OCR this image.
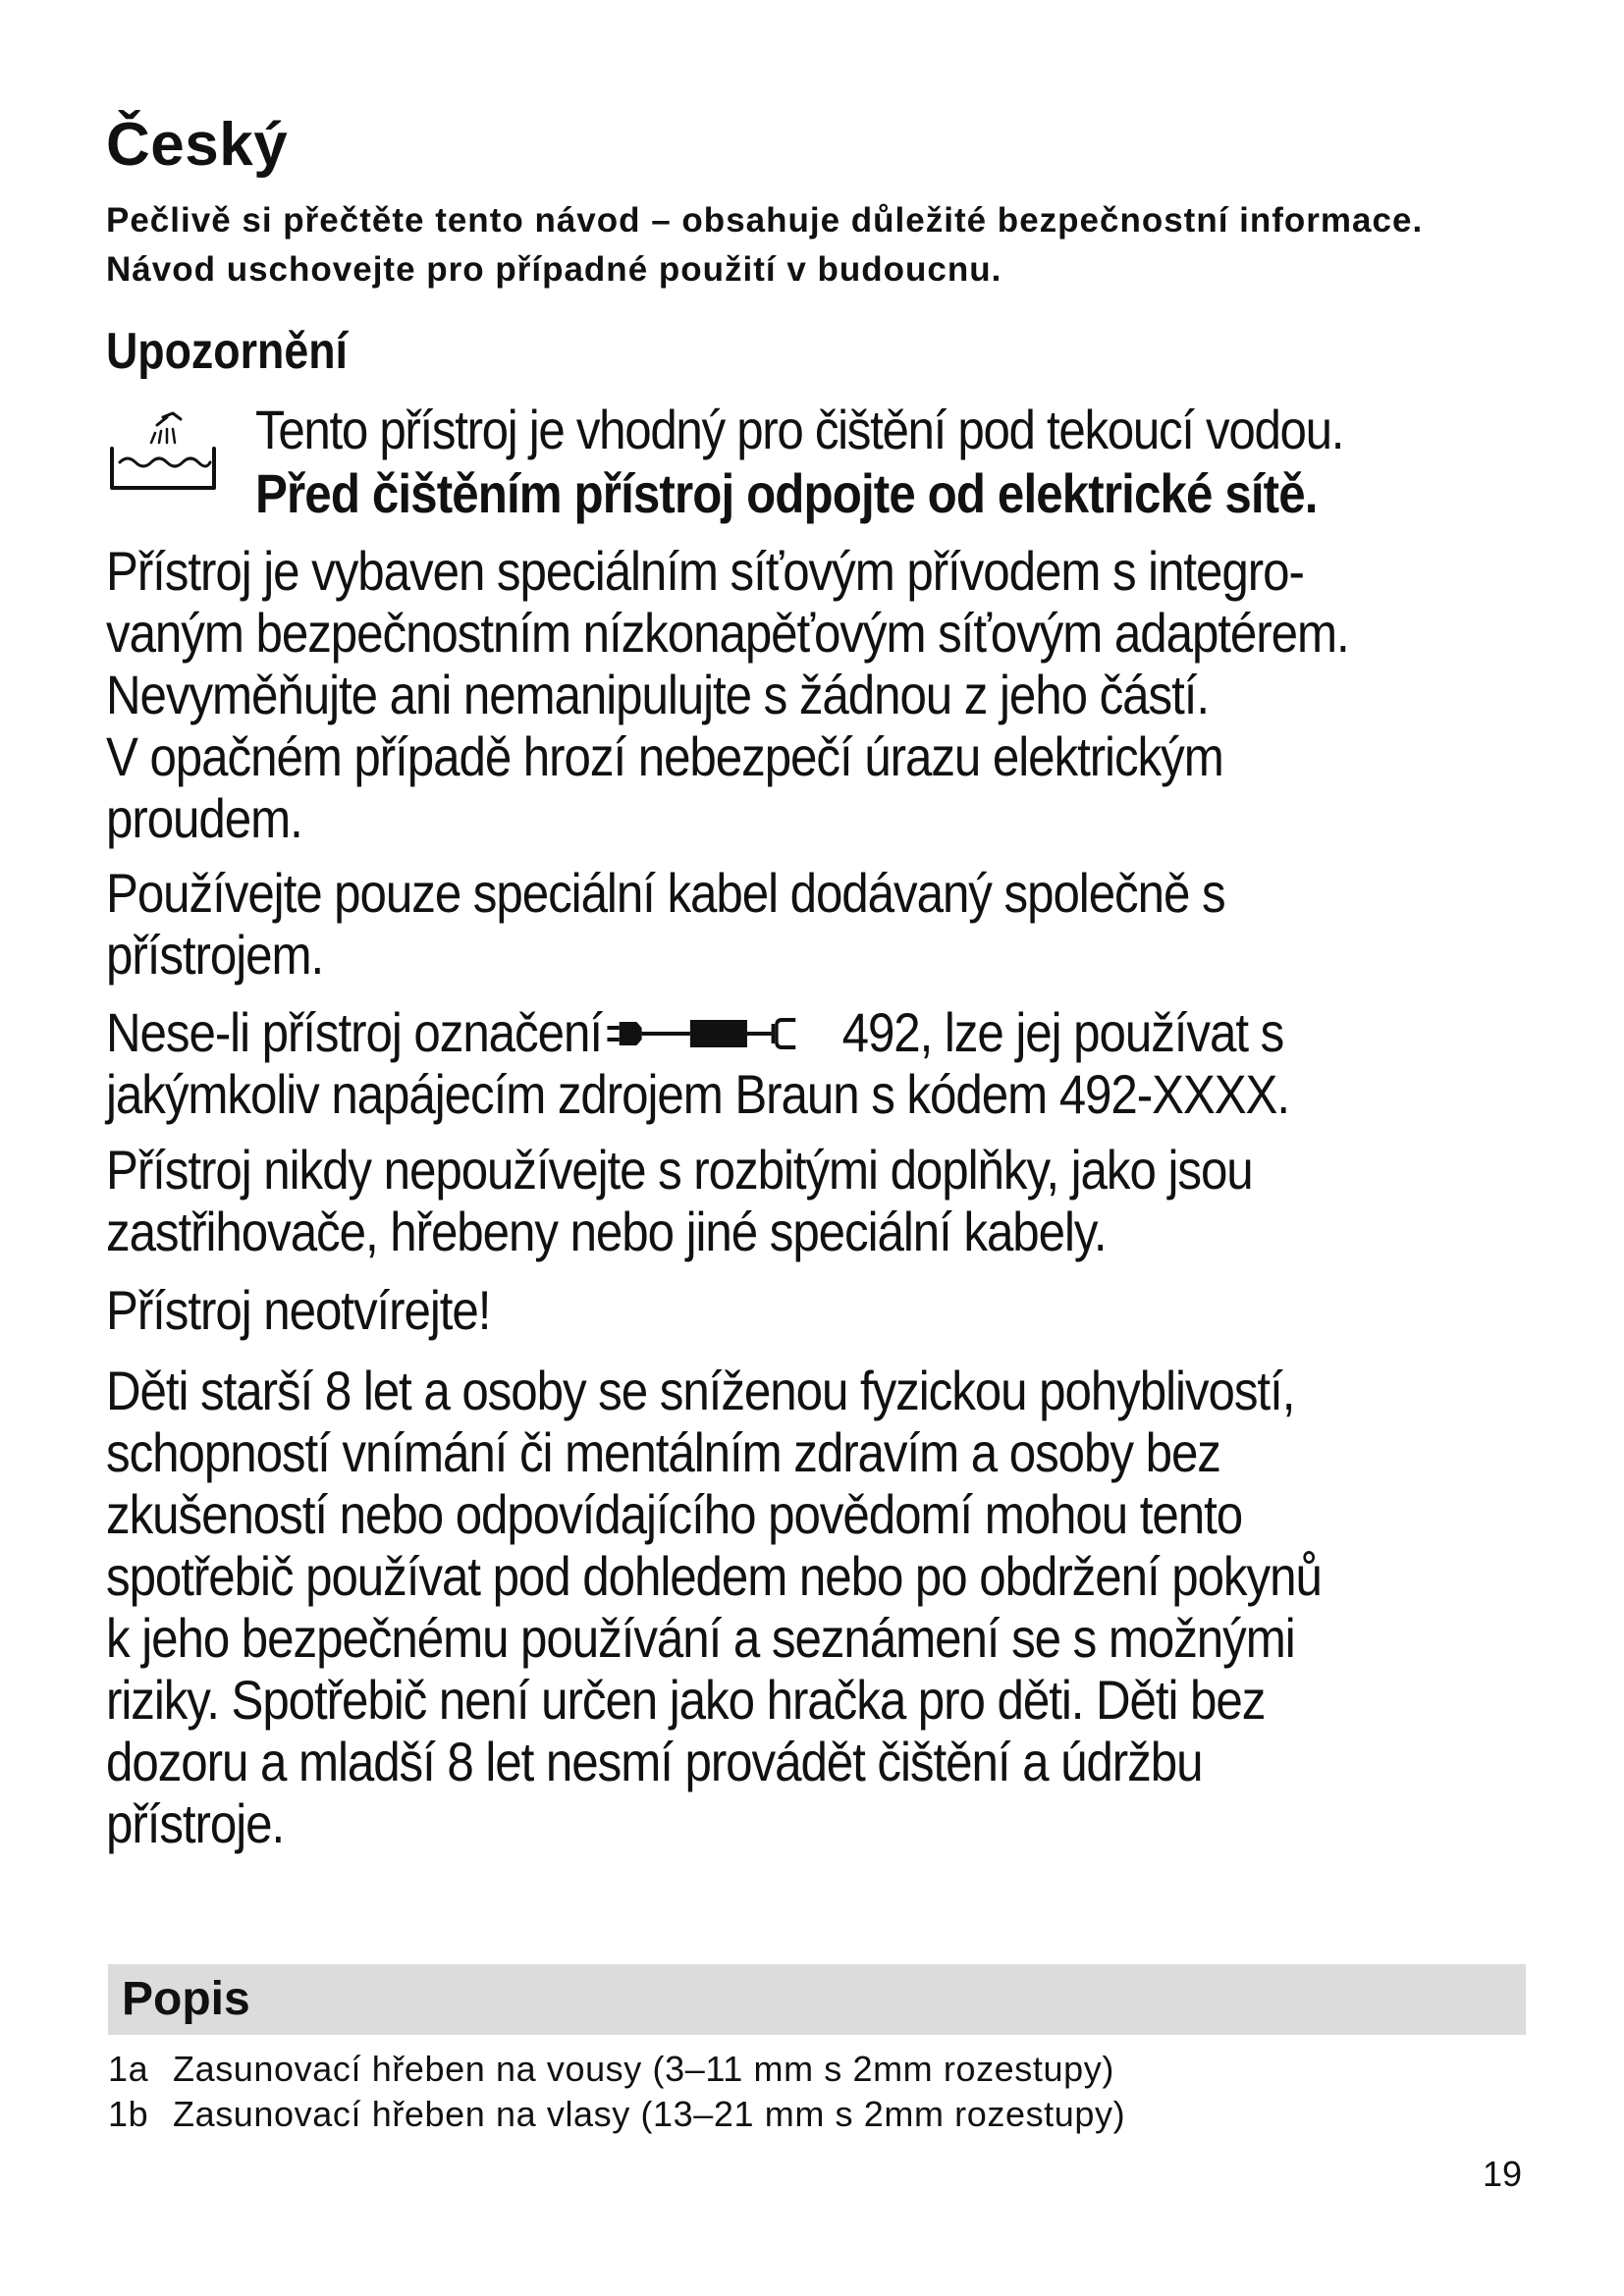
Český

Pečlivě si přečtěte tento návod – obsahuje důležité bezpečnostní informace. Návod uschovejte pro případné použití v budoucnu.

Upozornění

Tento přístroj je vhodný pro čištění pod tekoucí vodou.

Před čištěním přístroj odpojte od elektrické sítě.

Přístroj je vybaven speciálním síťovým přívodem s integro-
vaným bezpečnostním nízkonapěťovým síťovým adaptérem.
Nevyměňujte ani nemanipulujte s žádnou z jeho částí.
V opačném případě hrozí nebezpečí úrazu elektrickým
proudem.

Používejte pouze speciální kabel dodávaný společně s
přístrojem.

Nese-li přístroj označení	492, lze jej používat s
jakýmkoliv napájecím zdrojem Braun s kódem 492-XXXX.

Přístroj nikdy nepoužívejte s rozbitými doplňky, jako jsou
zastřihovače, hřebeny nebo jiné speciální kabely.

Přístroj neotvírejte!

Děti starší 8 let a osoby se sníženou fyzickou pohyblivostí,
schopností vnímání či mentálním zdravím a osoby bez
zkušeností nebo odpovídajícího povědomí mohou tento
spotřebič používat pod dohledem nebo po obdržení pokynů
k jeho bezpečnému používání a seznámení se s možnými
riziky. Spotřebič není určen jako hračka pro děti. Děti bez
dozoru a mladší 8 let nesmí provádět čištění a údržbu
přístroje.

Popis
1a Zasunovací hřeben na vousy (3–11 mm s 2mm rozestupy)
1b Zasunovací hřeben na vlasy (13–21 mm s 2mm rozestupy)

19
